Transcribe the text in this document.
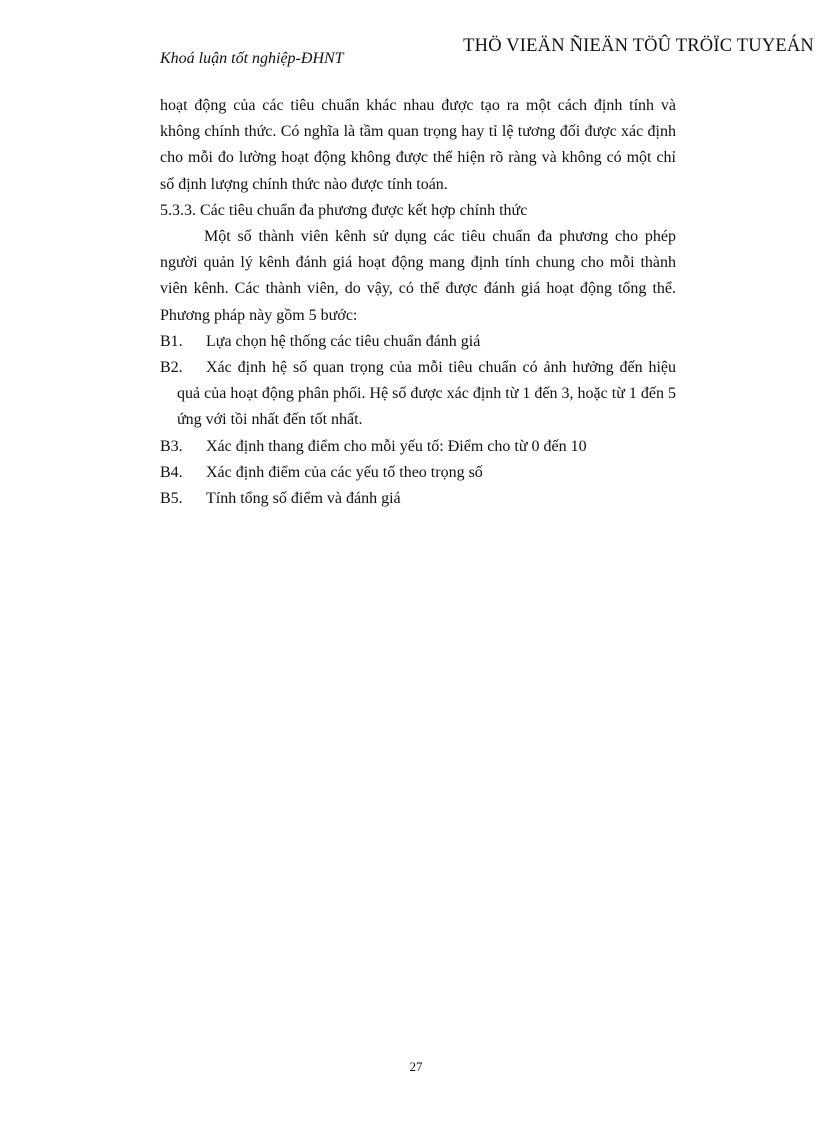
Khoá luận tốt nghiệp-ĐHNT
THÖ VIEÄN ÑIEÄN TÖÛ TRÖÏC TUYEÁN

hoạt động của các tiêu chuẩn khác nhau được tạo ra một cách định tính và không chính thức. Có nghĩa là tầm quan trọng hay tỉ lệ tương đối được xác định cho mỗi đo lường hoạt động không được thể hiện rõ ràng và không có một chỉ số định lượng chính thức nào được tính toán.

5.3.3. Các tiêu chuẩn đa phương được kết hợp chính thức

Một số thành viên kênh sử dụng các tiêu chuẩn đa phương cho phép người quản lý kênh đánh giá hoạt động mang định tính chung cho mỗi thành viên kênh. Các thành viên, do vậy, có thể được đánh giá hoạt động tổng thể. Phương pháp này gồm 5 bước:

B1. Lựa chọn hệ thống các tiêu chuẩn đánh giá

B2. Xác định hệ số quan trọng của mỗi tiêu chuẩn có ảnh hưởng đến hiệu quả của hoạt động phân phối. Hệ số được xác định từ 1 đến 3, hoặc từ 1 đến 5 ứng với tồi nhất đến tốt nhất.

B3. Xác định thang điểm cho mỗi yếu tố: Điểm cho từ 0 đến 10

B4. Xác định điểm của các yếu tố theo trọng số

B5. Tính tổng số điểm và đánh giá

27
